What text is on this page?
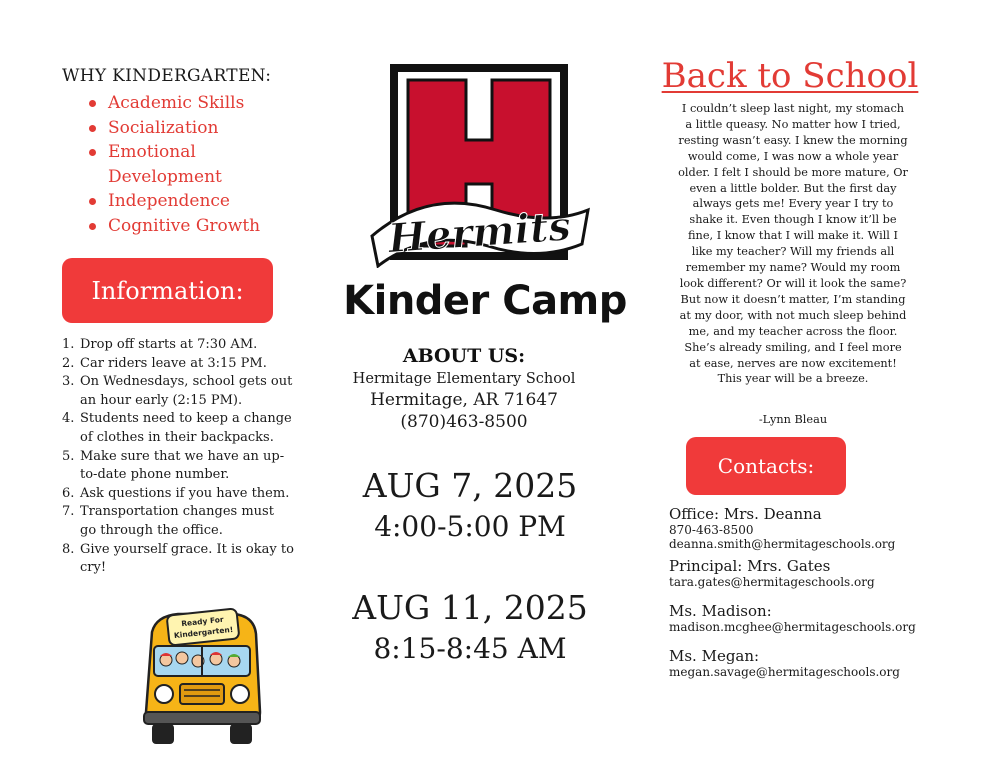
WHY KINDERGARTEN:
Academic Skills
Socialization
Emotional Development
Independence
Cognitive Growth
Information:
1. Drop off starts at 7:30 AM.
2. Car riders leave at 3:15 PM.
3. On Wednesdays, school gets out an hour early (2:15 PM).
4. Students need to keep a change of clothes in their backpacks.
5. Make sure that we have an up-to-date phone number.
6. Ask questions if you have them.
7. Transportation changes must go through the office.
8. Give yourself grace. It is okay to cry!
Ready For
Kindergarten!
Hermits
Kinder Camp
ABOUT US:
Hermitage Elementary School
Hermitage, AR 71647
(870)463-8500
AUG 7, 2025
4:00-5:00 PM
AUG 11, 2025
8:15-8:45 AM
Back to School
I couldn’t sleep last night, my stomach a little queasy. No matter how I tried, resting wasn’t easy. I knew the morning would come, I was now a whole year older. I felt I should be more mature, Or even a little bolder. But the first day always gets me! Every year I try to shake it. Even though I know it’ll be fine, I know that I will make it. Will I like my teacher? Will my friends all remember my name? Would my room look different? Or will it look the same? But now it doesn’t matter, I’m standing at my door, with not much sleep behind me, and my teacher across the floor. She’s already smiling, and I feel more at ease, nerves are now excitement! This year will be a breeze.
-Lynn Bleau
Contacts:
Office: Mrs. Deanna
870-463-8500
deanna.smith@hermitageschools.org
Principal: Mrs. Gates
tara.gates@hermitageschools.org
Ms. Madison:
madison.mcghee@hermitageschools.org
Ms. Megan:
megan.savage@hermitageschools.org
